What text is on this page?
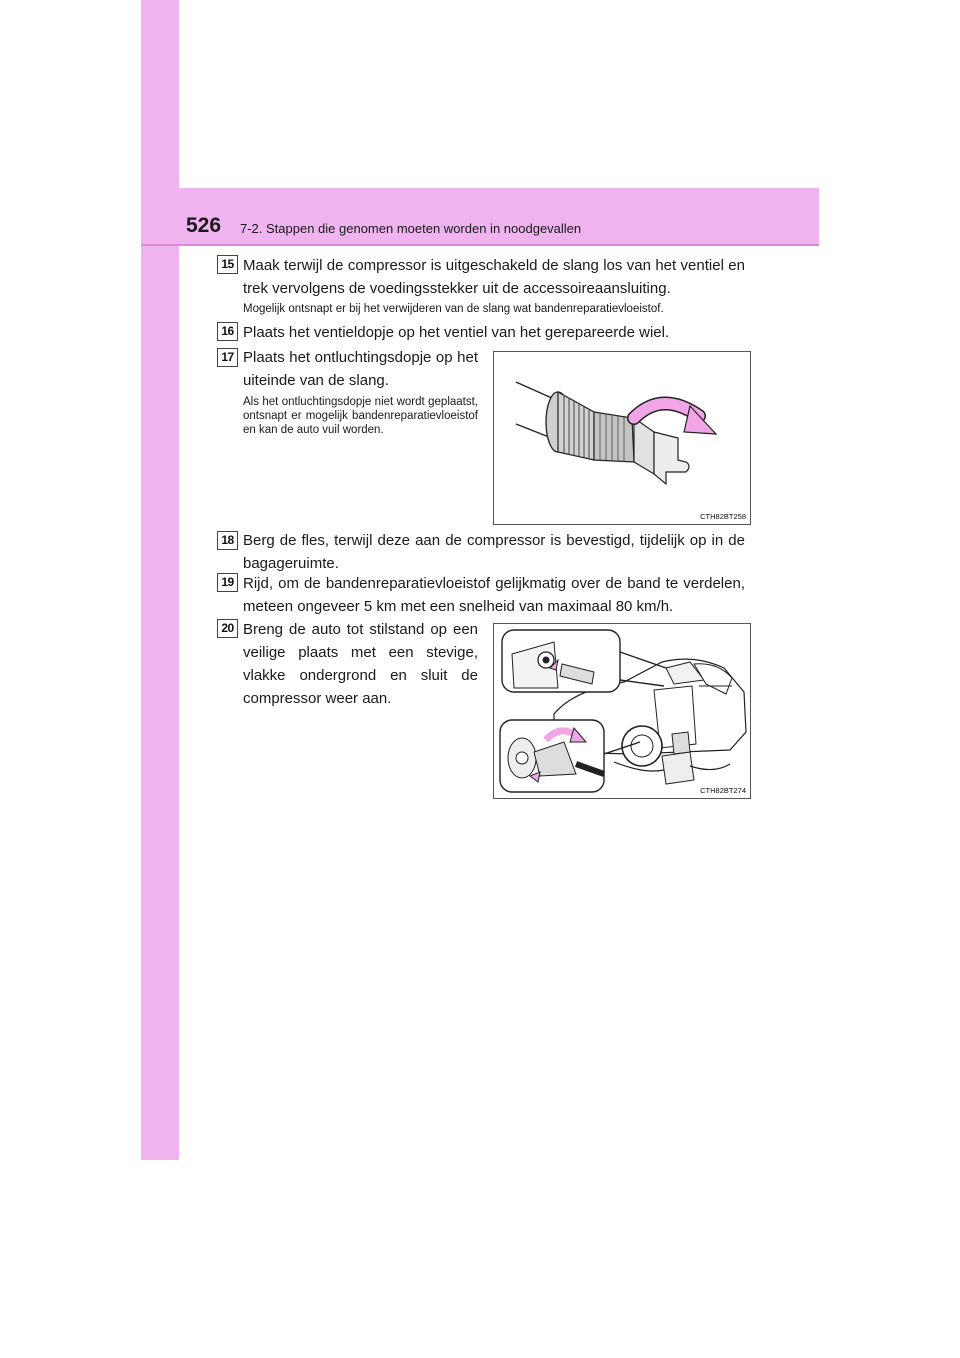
526 7-2. Stappen die genomen moeten worden in noodgevallen
15 Maak terwijl de compressor is uitgeschakeld de slang los van het ventiel en trek vervolgens de voedingsstekker uit de accessoireaansluiting.
Mogelijk ontsnapt er bij het verwijderen van de slang wat bandenreparatievloeistof.
16 Plaats het ventieldopje op het ventiel van het gerepareerde wiel.
17 Plaats het ontluchtingsdopje op het uiteinde van de slang.
Als het ontluchtingsdopje niet wordt geplaatst, ontsnapt er mogelijk bandenreparatievloeistof en kan de auto vuil worden.
CTH82BT258
18 Berg de fles, terwijl deze aan de compressor is bevestigd, tijdelijk op in de bagageruimte.
19 Rijd, om de bandenreparatievloeistof gelijkmatig over de band te verdelen, meteen ongeveer 5 km met een snelheid van maximaal 80 km/h.
20 Breng de auto tot stilstand op een veilige plaats met een stevige, vlakke ondergrond en sluit de compressor weer aan.
CTH82BT274
